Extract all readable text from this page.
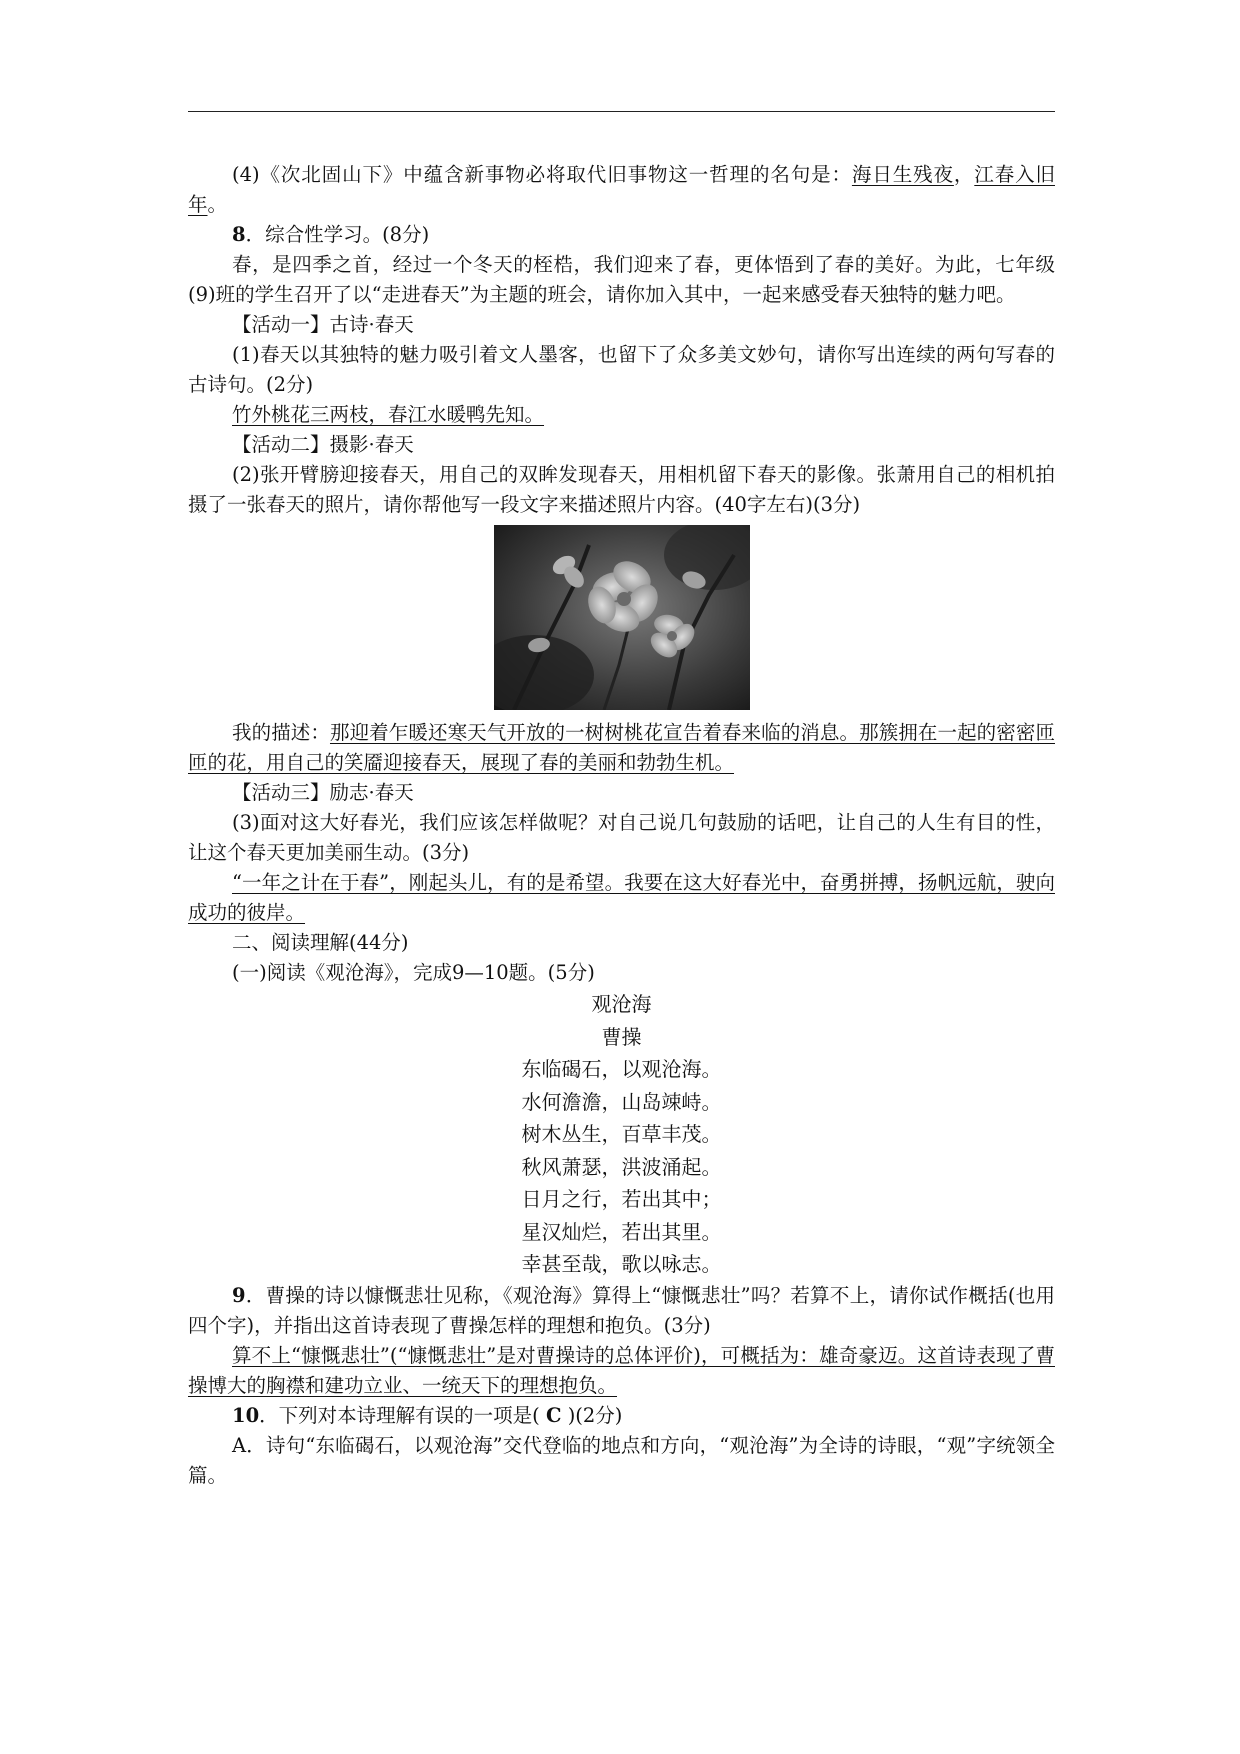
(4)《次北固山下》中蕴含新事物必将取代旧事物这一哲理的名句是：海日生残夜，江春入旧年。

8．综合性学习。(8分)

春，是四季之首，经过一个冬天的桎梏，我们迎来了春，更体悟到了春的美好。为此，七年级(9)班的学生召开了以“走进春天”为主题的班会，请你加入其中，一起来感受春天独特的魅力吧。

【活动一】古诗·春天

(1)春天以其独特的魅力吸引着文人墨客，也留下了众多美文妙句，请你写出连续的两句写春的古诗句。(2分)

竹外桃花三两枝，春江水暖鸭先知。

【活动二】摄影·春天

(2)张开臂膀迎接春天，用自己的双眸发现春天，用相机留下春天的影像。张萧用自己的相机拍摄了一张春天的照片，请你帮他写一段文字来描述照片内容。(40字左右)(3分)

我的描述：那迎着乍暖还寒天气开放的一树树桃花宣告着春来临的消息。那簇拥在一起的密密匝匝的花，用自己的笑靥迎接春天，展现了春的美丽和勃勃生机。

【活动三】励志·春天

(3)面对这大好春光，我们应该怎样做呢？对自己说几句鼓励的话吧，让自己的人生有目的性，让这个春天更加美丽生动。(3分)

“一年之计在于春”，刚起头儿，有的是希望。我要在这大好春光中，奋勇拼搏，扬帆远航，驶向成功的彼岸。

二、阅读理解(44分)

(一)阅读《观沧海》，完成9—10题。(5分)

观沧海
曹操
东临碣石，以观沧海。
水何澹澹，山岛竦峙。
树木丛生，百草丰茂。
秋风萧瑟，洪波涌起。
日月之行，若出其中；
星汉灿烂，若出其里。
幸甚至哉，歌以咏志。

9．曹操的诗以慷慨悲壮见称，《观沧海》算得上“慷慨悲壮”吗？若算不上，请你试作概括(也用四个字)，并指出这首诗表现了曹操怎样的理想和抱负。(3分)

算不上“慷慨悲壮”(“慷慨悲壮”是对曹操诗的总体评价)，可概括为：雄奇豪迈。这首诗表现了曹操博大的胸襟和建功立业、一统天下的理想抱负。

10．下列对本诗理解有误的一项是( C )(2分)

A．诗句“东临碣石，以观沧海”交代登临的地点和方向，“观沧海”为全诗的诗眼，“观”字统领全篇。
